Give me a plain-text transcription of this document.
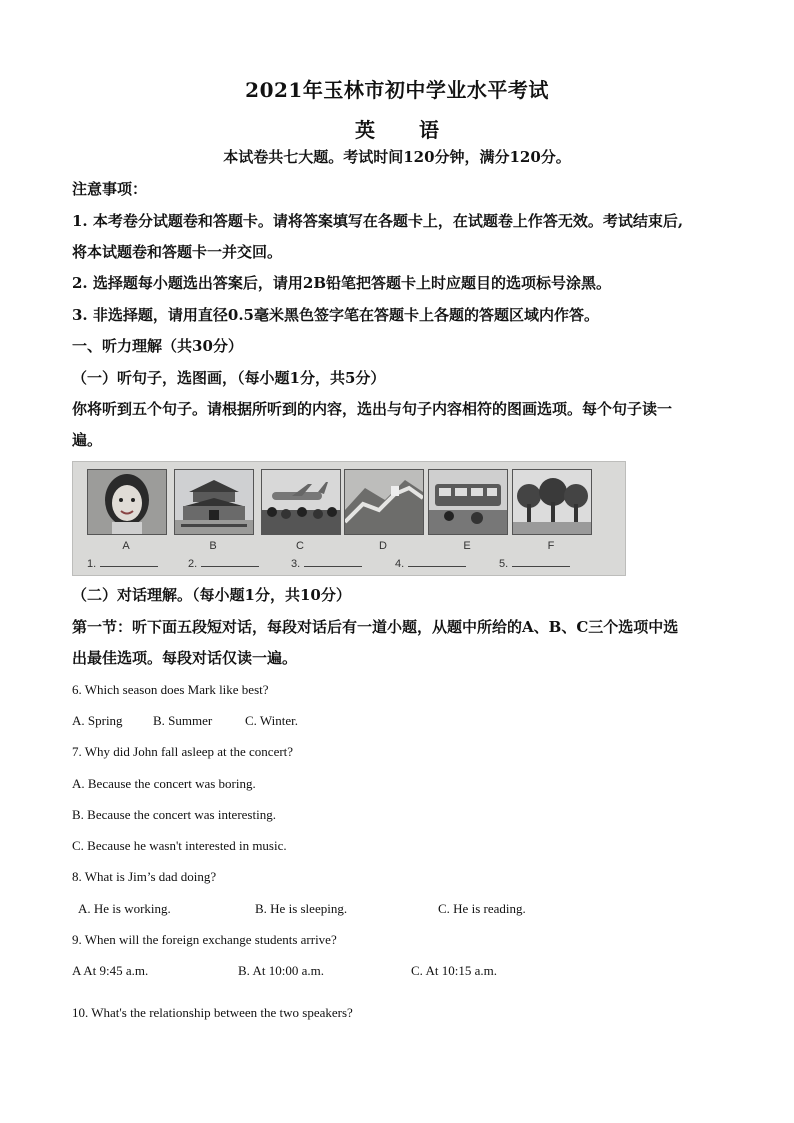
2021年玉林市初中学业水平考试
英 语
本试卷共七大题。考试时间120分钟，满分120分。
注意事项：
1. 本考卷分试题卷和答题卡。请将答案填写在各题卡上，在试题卷上作答无效。考试结束后,
将本试题卷和答题卡一并交回。
2. 选择题每小题选出答案后，请用2B铅笔把答题卡上时应题目的选项标号涂黑。
3. 非选择题，请用直径0.5毫米黑色签字笔在答题卡上各题的答题区域内作答。
一、听力理解（共30分）
（一）听句子，选图画，（每小题1分，共5分）
你将听到五个句子。请根据所听到的内容，选出与句子内容相符的图画选项。每个句子读一
遍。
A	B	C	D	E	F
1.	2.	3.	4.	5.
（二）对话理解。（每小题1分，共10分）
第一节：听下面五段短对话，每段对话后有一道小题，从题中所给的A、B、C三个选项中选
出最佳选项。每段对话仅读一遍。
6. Which season does Mark like best?
A. Spring B. Summer	C. Winter.
7. Why did John fall asleep at the concert?
A. Because the concert was boring.
B. Because the concert was interesting.
C. Because he wasn't interested in music.
8. What is Jim’s dad doing?
A. He is working.	B. He is sleeping.	C. He is reading.
9. When will the foreign exchange students arrive?
A At 9:45 a.m.	B. At 10:00 a.m.	C. At 10:15 a.m.
10. What's the relationship between the two speakers?
